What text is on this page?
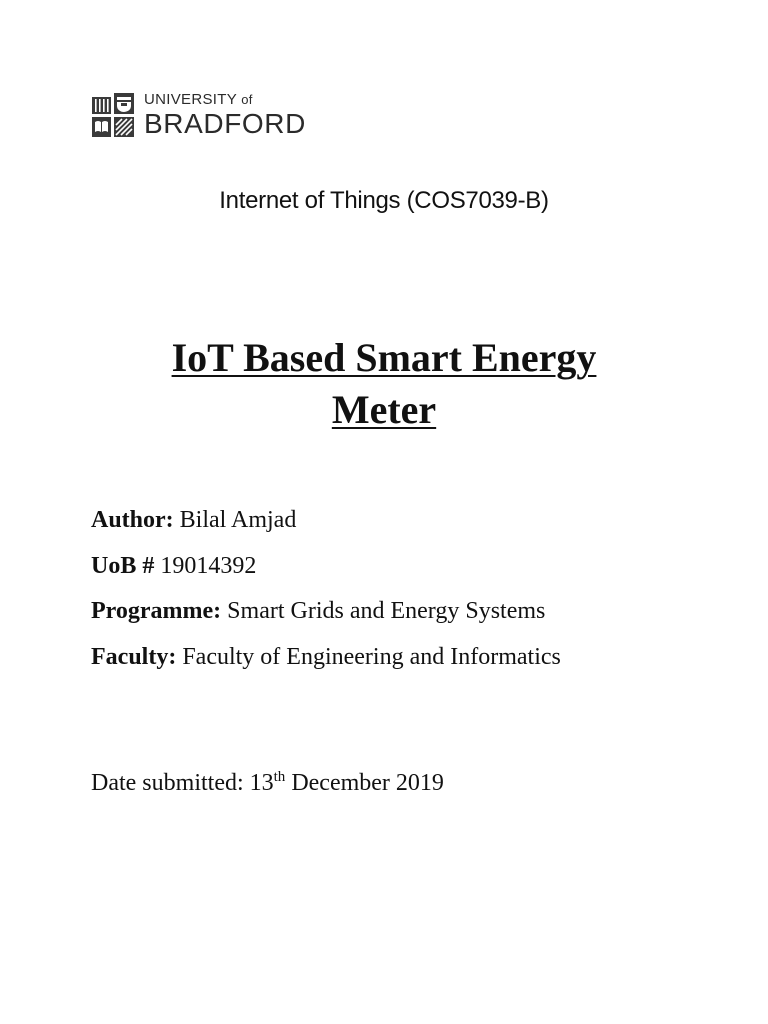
UNIVERSITY of
BRADFORD
Internet of Things (COS7039-B)
IoT Based Smart Energy
Meter
Author: Bilal Amjad
UoB # 19014392
Programme: Smart Grids and Energy Systems
Faculty: Faculty of Engineering and Informatics
Date submitted: 13th December 2019
